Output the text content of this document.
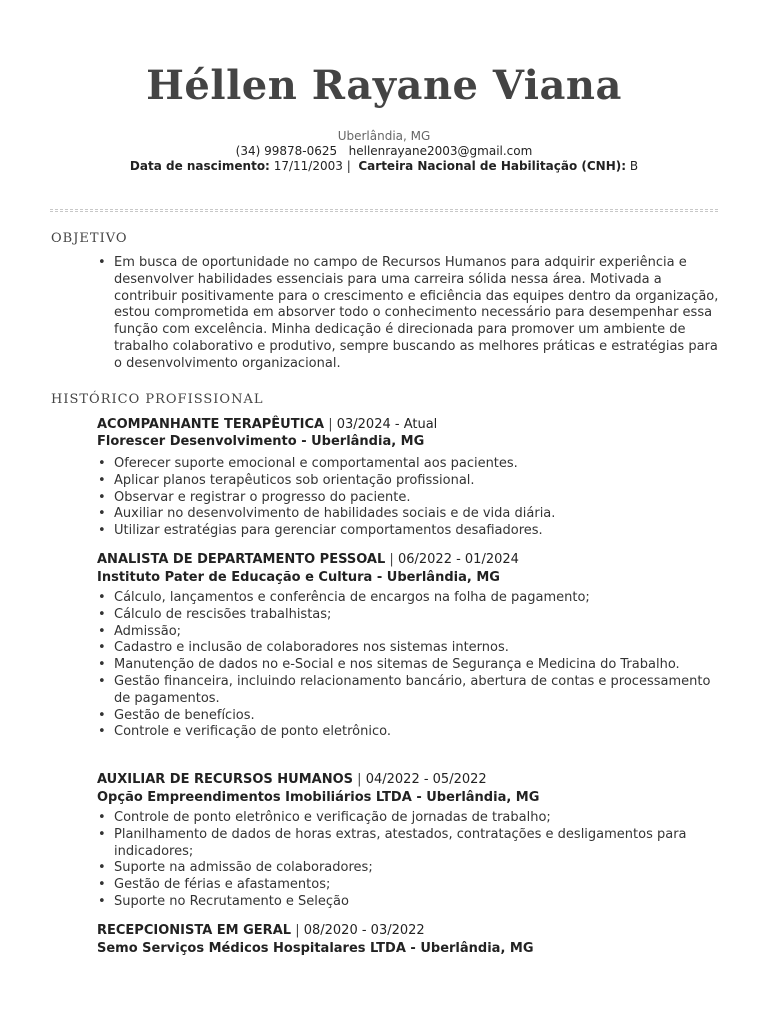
Héllen Rayane Viana
Uberlândia, MG
(34) 99878-0625 hellenrayane2003@gmail.com
Data de nascimento: 17/11/2003 | Carteira Nacional de Habilitação (CNH): B
OBJETIVO
• Em busca de oportunidade no campo de Recursos Humanos para adquirir experiência e desenvolver habilidades essenciais para uma carreira sólida nessa área. Motivada a contribuir positivamente para o crescimento e eficiência das equipes dentro da organização, estou comprometida em absorver todo o conhecimento necessário para desempenhar essa função com excelência. Minha dedicação é direcionada para promover um ambiente de trabalho colaborativo e produtivo, sempre buscando as melhores práticas e estratégias para o desenvolvimento organizacional.
HISTÓRICO PROFISSIONAL
ACOMPANHANTE TERAPÊUTICA | 03/2024 - Atual
Florescer Desenvolvimento - Uberlândia, MG
• Oferecer suporte emocional e comportamental aos pacientes.
• Aplicar planos terapêuticos sob orientação profissional.
• Observar e registrar o progresso do paciente.
• Auxiliar no desenvolvimento de habilidades sociais e de vida diária.
• Utilizar estratégias para gerenciar comportamentos desafiadores.
ANALISTA DE DEPARTAMENTO PESSOAL | 06/2022 - 01/2024
Instituto Pater de Educação e Cultura - Uberlândia, MG
• Cálculo, lançamentos e conferência de encargos na folha de pagamento;
• Cálculo de rescisões trabalhistas;
• Admissão;
• Cadastro e inclusão de colaboradores nos sistemas internos.
• Manutenção de dados no e-Social e nos sitemas de Segurança e Medicina do Trabalho.
• Gestão financeira, incluindo relacionamento bancário, abertura de contas e processamento de pagamentos.
• Gestão de benefícios.
• Controle e verificação de ponto eletrônico.
AUXILIAR DE RECURSOS HUMANOS | 04/2022 - 05/2022
Opção Empreendimentos Imobiliários LTDA - Uberlândia, MG
• Controle de ponto eletrônico e verificação de jornadas de trabalho;
• Planilhamento de dados de horas extras, atestados, contratações e desligamentos para indicadores;
• Suporte na admissão de colaboradores;
• Gestão de férias e afastamentos;
• Suporte no Recrutamento e Seleção
RECEPCIONISTA EM GERAL | 08/2020 - 03/2022
Semo Serviços Médicos Hospitalares LTDA - Uberlândia, MG
